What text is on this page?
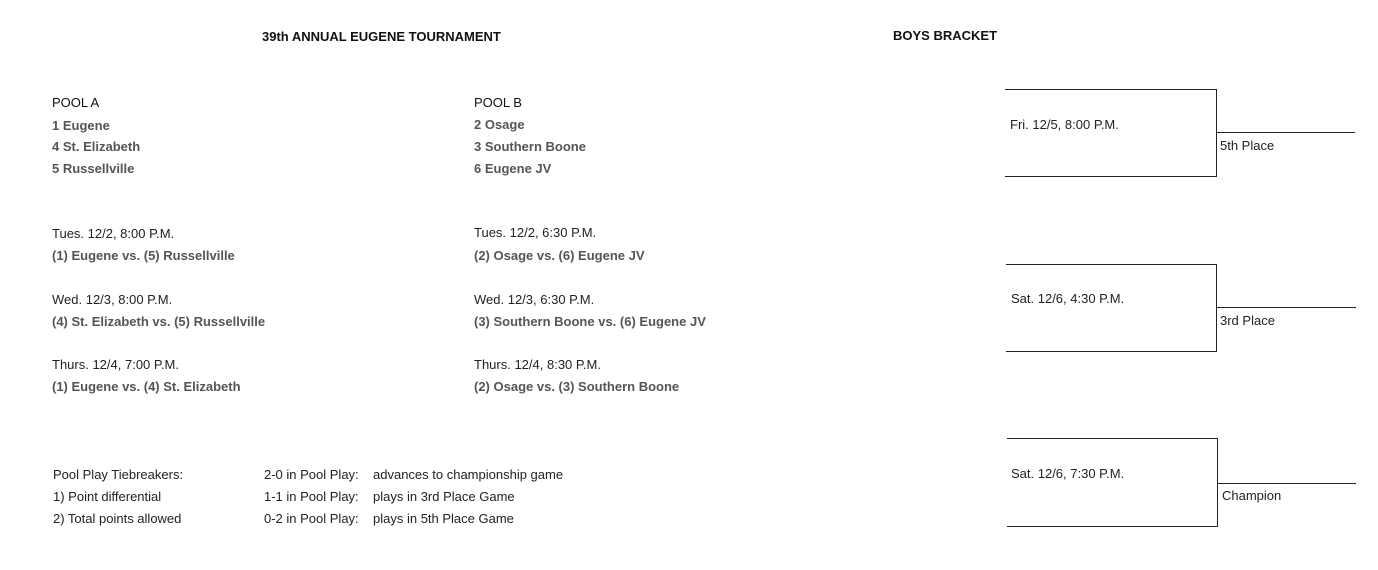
39th ANNUAL EUGENE TOURNAMENT	BOYS BRACKET
POOL A
1 Eugene
4 St. Elizabeth
5 Russellville
POOL B
2 Osage
3 Southern Boone
6 Eugene JV
Tues. 12/2, 8:00 P.M.
(1) Eugene vs. (5) Russellville
Wed. 12/3, 8:00 P.M.
(4) St. Elizabeth vs. (5) Russellville
Thurs. 12/4, 7:00 P.M.
(1) Eugene vs. (4) St. Elizabeth
Tues. 12/2, 6:30 P.M.
(2) Osage vs. (6) Eugene JV
Wed. 12/3, 6:30 P.M.
(3) Southern Boone vs. (6) Eugene JV
Thurs. 12/4, 8:30 P.M.
(2) Osage vs. (3) Southern Boone
Pool Play Tiebreakers:
1) Point differential
2) Total points allowed
2-0 in Pool Play: advances to championship game
1-1 in Pool Play: plays in 3rd Place Game
0-2 in Pool Play: plays in 5th Place Game
Fri. 12/5, 8:00 P.M.
5th Place
Sat. 12/6, 4:30 P.M.
3rd Place
Sat. 12/6, 7:30 P.M.
Champion
